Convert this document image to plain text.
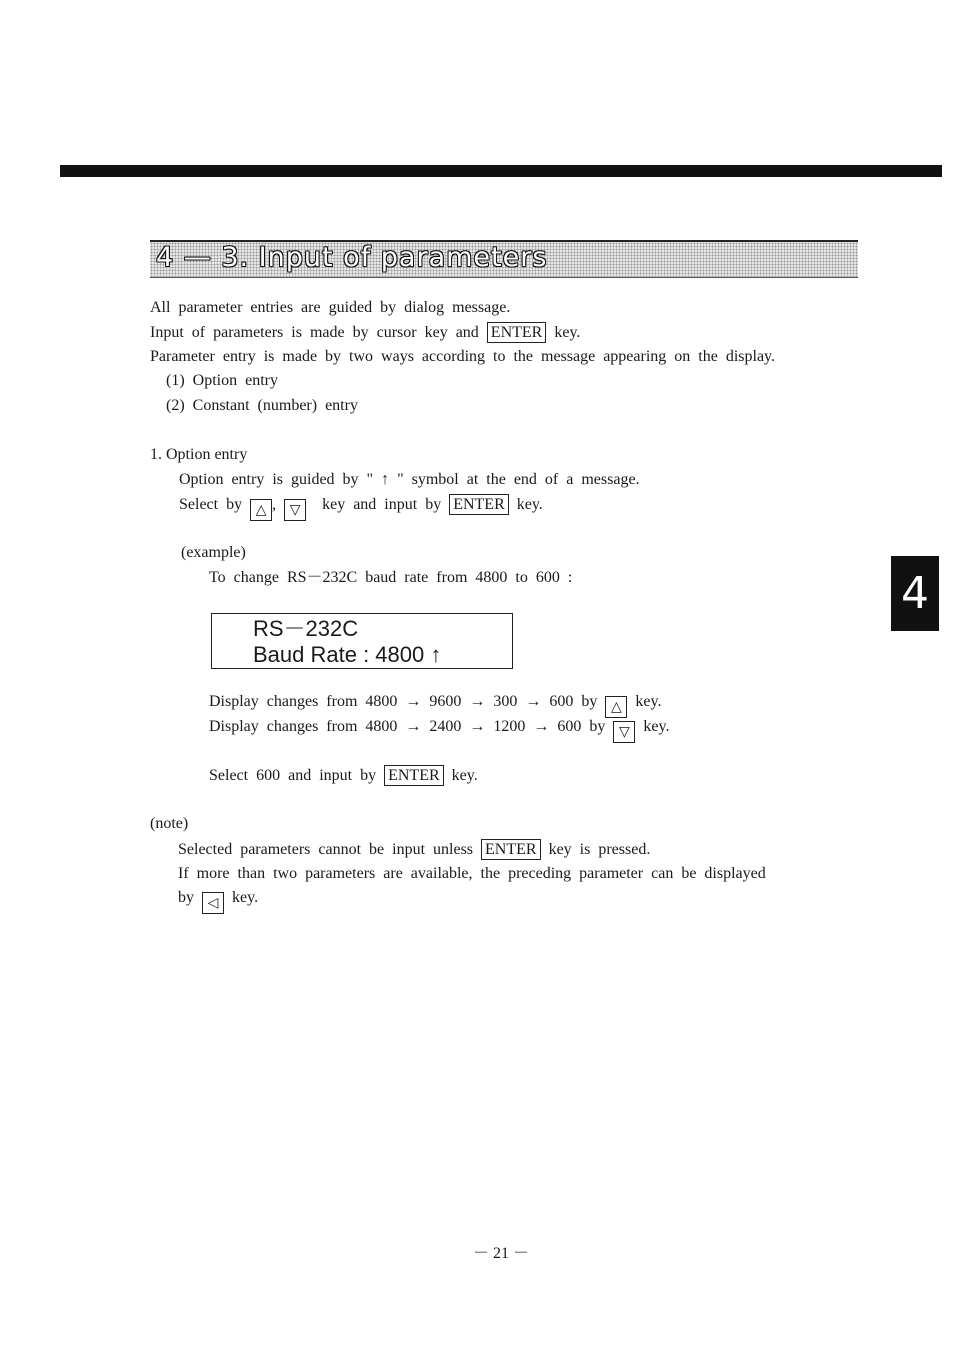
4 — 3. Input of parameters
All parameter entries are guided by dialog message.
Input of parameters is made by cursor key and ENTER key.
Parameter entry is made by two ways according to the message appearing on the display.
(1) Option entry
(2) Constant (number) entry
1. Option entry
Option entry is guided by " ↑ " symbol at the end of a message.
Select by △ , ▽ key and input by ENTER key.
(example)
To change RS－232C baud rate from 4800 to 600 :
RS－232C
Baud Rate : 4800 ↑
Display changes from 4800 → 9600 → 300 → 600 by △ key.
Display changes from 4800 → 2400 → 1200 → 600 by ▽ key.
Select 600 and input by ENTER key.
(note)
Selected parameters cannot be input unless ENTER key is pressed.
If more than two parameters are available, the preceding parameter can be displayed
by ◁ key.
4
－ 21 －
